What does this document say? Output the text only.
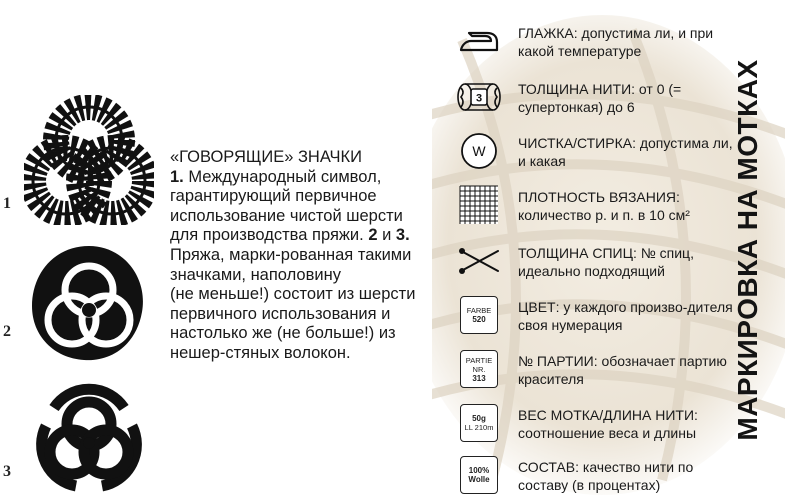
1
2
3

«ГОВОРЯЩИЕ» ЗНАЧКИ

1. Международный символ, гарантирующий первичное использование чистой шерсти для производства пряжи. 2 и 3. Пряжа, марки-рованная такими значками, наполовину

(не меньше!) состоит из шерсти первичного использования и настолько же (не больше!) из нешер-стяных волокон.

ГЛАЖКА: допустима ли, и при какой температуре
3
ТОЛЩИНА НИТИ: от 0 (= супертонкая) до 6
W ЧИСТКА/СТИРКА: допустима ли, и какая
ПЛОТНОСТЬ ВЯЗАНИЯ: количество р. и п. в 10 см²
ТОЛЩИНА СПИЦ: № спиц, идеально подходящий
FARBE
520
ЦВЕТ: у каждого произво-дителя своя нумерация
PARTIE
NR.
313
№ ПАРТИИ: обозначает партию красителя
50g
LL 210m
ВЕС МОТКА/ДЛИНА НИТИ: соотношение веса и длины
100%
Wolle
СОСТАВ: качество нити по составу (в процентах)
МАРКИРОВКА НА МОТКАХ
